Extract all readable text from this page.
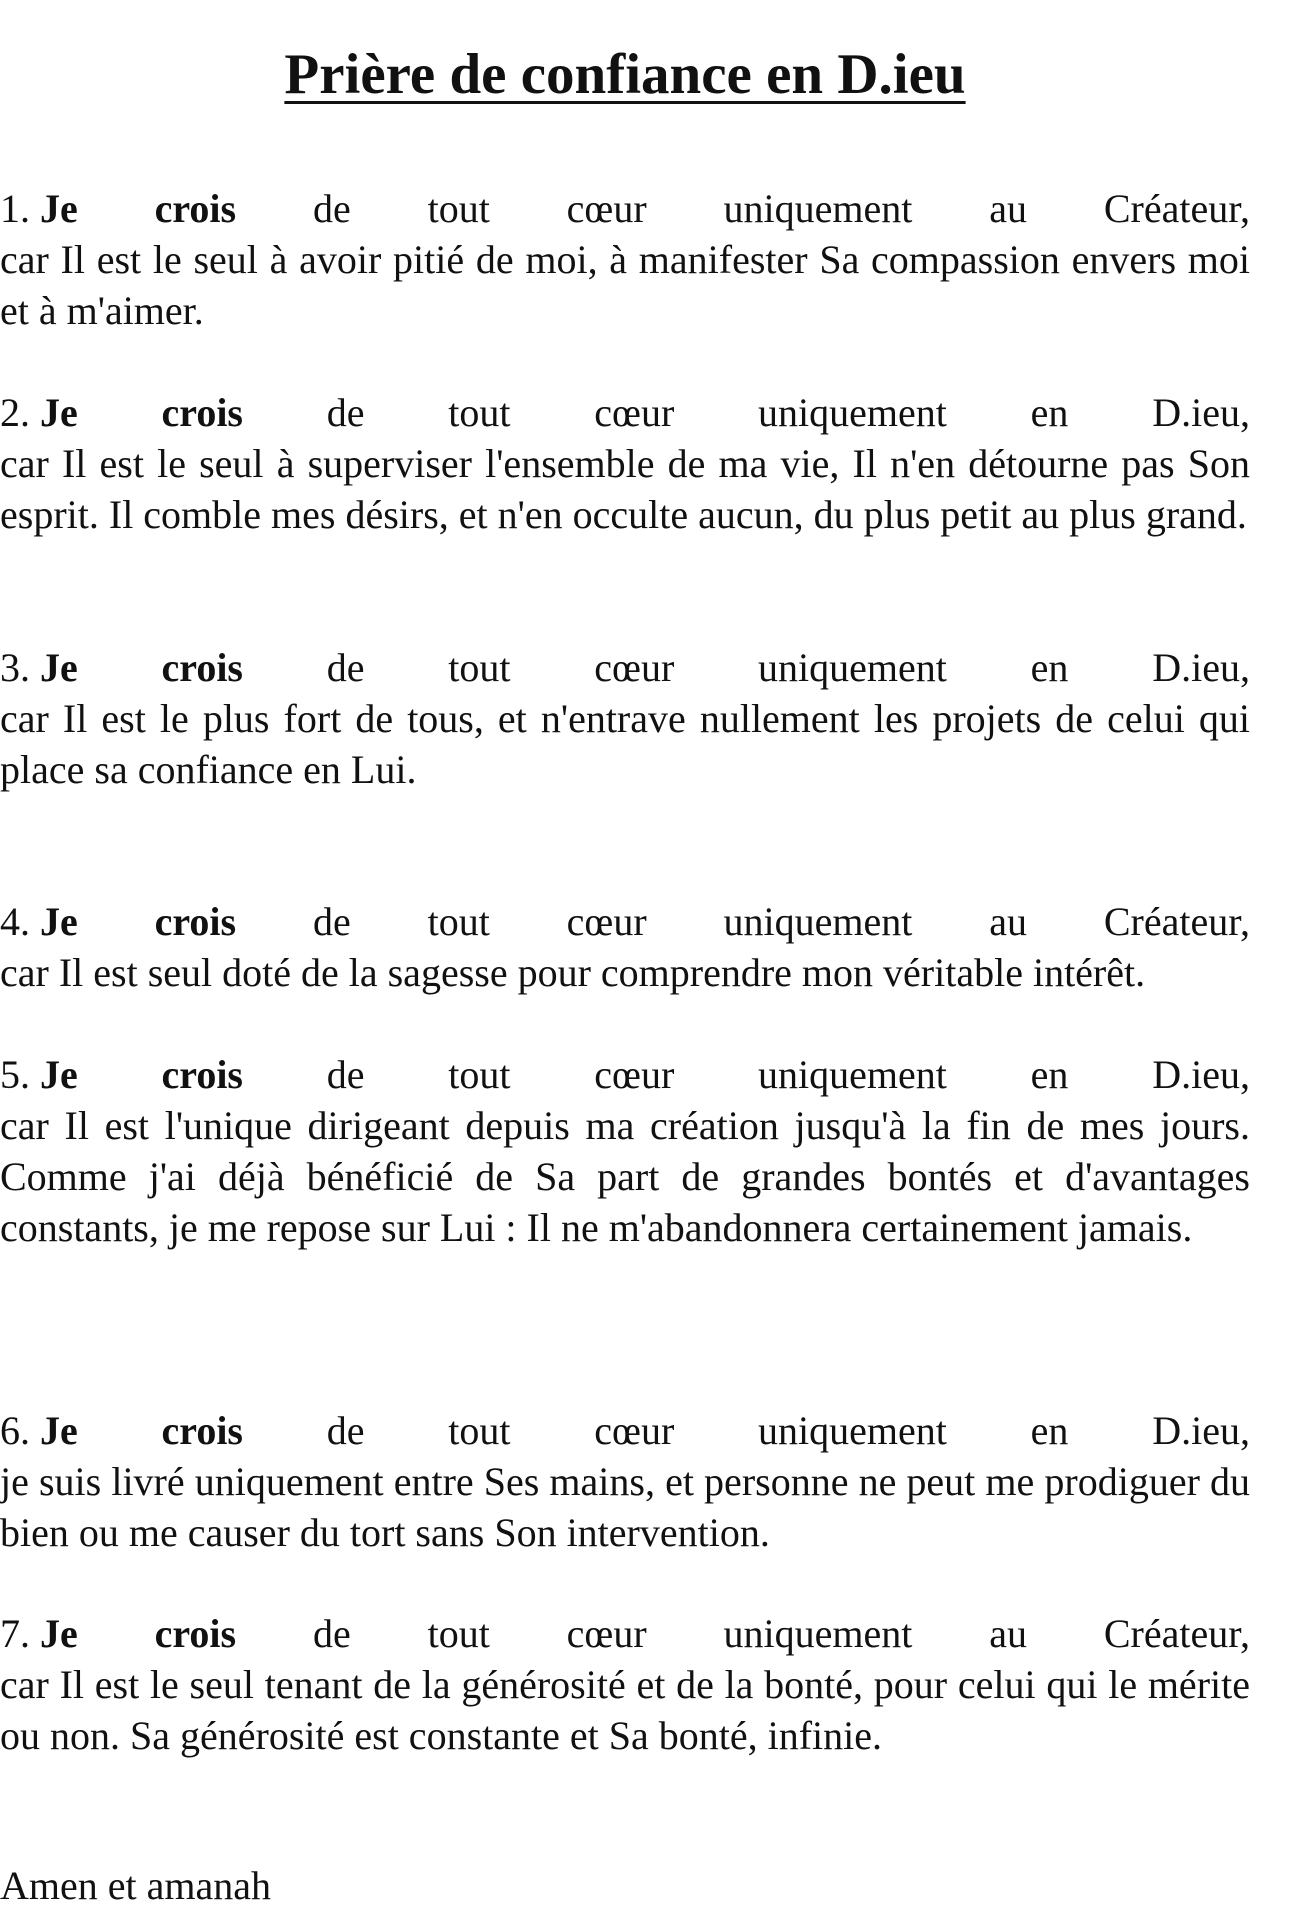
Prière de confiance en D.ieu
1. Je crois de tout cœur uniquement au Créateur,
car Il est le seul à avoir pitié de moi, à manifester Sa compassion envers moi et à m'aimer.
2. Je crois de tout cœur uniquement en D.ieu,
car Il est le seul à superviser l'ensemble de ma vie, Il n'en détourne pas Son esprit. Il comble mes désirs, et n'en occulte aucun, du plus petit au plus grand.
3. Je crois de tout cœur uniquement en D.ieu,
car Il est le plus fort de tous, et n'entrave nullement les projets de celui qui place sa confiance en Lui.
4. Je crois de tout cœur uniquement au Créateur,
car Il est seul doté de la sagesse pour comprendre mon véritable intérêt.
5. Je crois de tout cœur uniquement en D.ieu,
car Il est l'unique dirigeant depuis ma création jusqu'à la fin de mes jours. Comme j'ai déjà bénéficié de Sa part de grandes bontés et d'avantages constants, je me repose sur Lui : Il ne m'abandonnera certainement jamais.
6. Je crois de tout cœur uniquement en D.ieu,
je suis livré uniquement entre Ses mains, et personne ne peut me prodiguer du bien ou me causer du tort sans Son intervention.
7. Je crois de tout cœur uniquement au Créateur,
car Il est le seul tenant de la générosité et de la bonté, pour celui qui le mérite ou non. Sa générosité est constante et Sa bonté, infinie.

Amen et amanah
